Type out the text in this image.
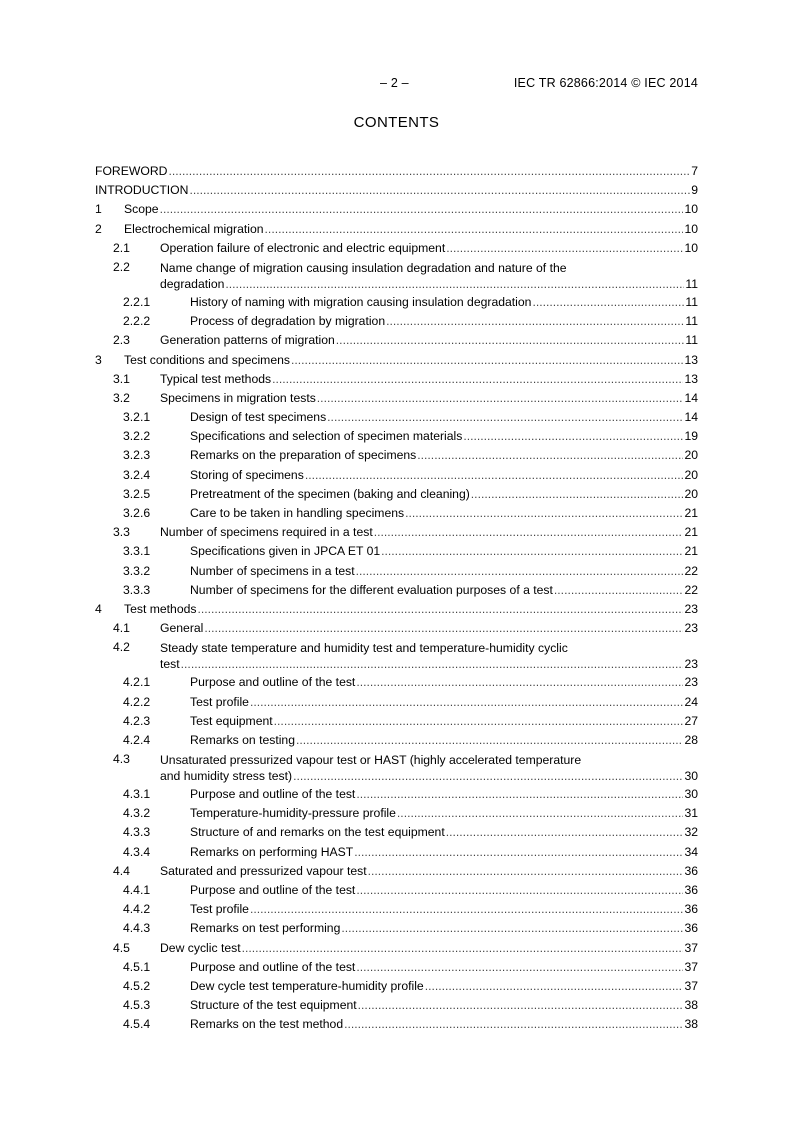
– 2 –	IEC TR 62866:2014 © IEC 2014
CONTENTS
FOREWORD .....	7
INTRODUCTION .....	9
1 Scope .....	10
2 Electrochemical migration .....	10
2.1 Operation failure of electronic and electric equipment .....	10
2.2 Name change of migration causing insulation degradation and nature of the
degradation .....	11
2.2.1	History of naming with migration causing insulation degradation .....	11
2.2.2	Process of degradation by migration .....	11
2.3 Generation patterns of migration .....	11
3 Test conditions and specimens .....	13
3.1 Typical test methods .....	13
3.2 Specimens in migration tests .....	14
3.2.1	Design of test specimens .....	14
3.2.2	Specifications and selection of specimen materials .....	19
3.2.3	Remarks on the preparation of specimens .....	20
3.2.4	Storing of specimens .....	20
3.2.5	Pretreatment of the specimen (baking and cleaning) .....	20
3.2.6	Care to be taken in handling specimens .....	21
3.3 Number of specimens required in a test .....	21
3.3.1	Specifications given in JPCA ET 01 .....	21
3.3.2	Number of specimens in a test .....	22
3.3.3	Number of specimens for the different evaluation purposes of a test .....	22
4 Test methods .....	23
4.1 General .....	23
4.2 Steady state temperature and humidity test and temperature-humidity cyclic
test .....	23
4.2.1	Purpose and outline of the test .....	23
4.2.2	Test profile .....	24
4.2.3	Test equipment .....	27
4.2.4	Remarks on testing .....	28
4.3 Unsaturated pressurized vapour test or HAST (highly accelerated temperature
and humidity stress test) .....	30
4.3.1	Purpose and outline of the test .....	30
4.3.2	Temperature-humidity-pressure profile .....	31
4.3.3	Structure of and remarks on the test equipment .....	32
4.3.4	Remarks on performing HAST .....	34
4.4 Saturated and pressurized vapour test .....	36
4.4.1	Purpose and outline of the test .....	36
4.4.2	Test profile .....	36
4.4.3	Remarks on test performing .....	36
4.5 Dew cyclic test .....	37
4.5.1	Purpose and outline of the test .....	37
4.5.2	Dew cycle test temperature-humidity profile .....	37
4.5.3	Structure of the test equipment .....	38
4.5.4	Remarks on the test method .....	38
